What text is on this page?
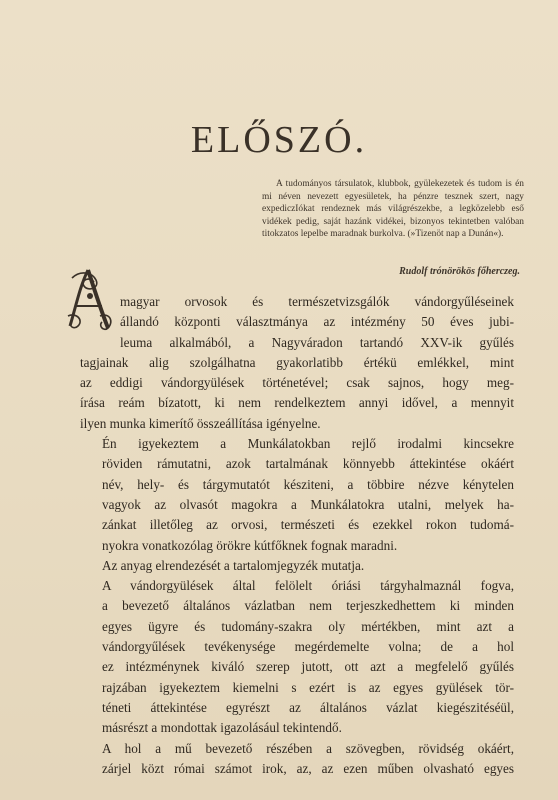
ELŐSZÓ.

A tudományos társulatok, klubbok, gyülekezetek és tudom is én mi néven nevezett egyesületek, ha pénzre tesznek szert, nagy expediczIókat rendeznek más világrészekbe, a legközelebb eső vidékek pedig, saját hazánk vidékei, bizonyos tekintetben valóban titokzatos lepelbe maradnak burkolva. (»Tizenöt nap a Dunán«).

Rudolf trónörökös főherczeg.

magyar orvosok és természetvizsgálók vándorgyűléseinek
állandó központi választmánya az intézmény 50 éves jubi-
leuma alkalmából, a Nagyváradon tartandó XXV-ik gyűlés
tagjainak alig szolgálhatna gyakorlatibb értékü emlékkel, mint
az eddigi vándorgyülések történetével; csak sajnos, hogy meg-
írása reám bízatott, ki nem rendelkeztem annyi idővel, a mennyit
ilyen munka kimerítő összeállítása igényelne.

Én igyekeztem a Munkálatokban rejlő irodalmi kincsekre
röviden rámutatni, azok tartalmának könnyebb áttekintése okáért
név, hely- és tárgymutatót késziteni, a többire nézve kénytelen
vagyok az olvasót magokra a Munkálatokra utalni, melyek ha-
zánkat illetőleg az orvosi, természeti és ezekkel rokon tudomá-
nyokra vonatkozólag örökre kútfőknek fognak maradni.

Az anyag elrendezését a tartalomjegyzék mutatja.

A vándorgyülések által felölelt óriási tárgyhalmaznál fogva,
a bevezető általános vázlatban nem terjeszkedhettem ki minden
egyes ügyre és tudomány-szakra oly mértékben, mint azt a
vándorgyűlések tevékenysége megérdemelte volna; de a hol
ez intézménynek kiváló szerep jutott, ott azt a megfelelő gyűlés
rajzában igyekeztem kiemelni s ezért is az egyes gyülések tör-
téneti áttekintése egyrészt az általános vázlat kiegészitéséül,
másrészt a mondottak igazolásául tekintendő.

A hol a mű bevezető részében a szövegben, rövidség okáért,
zárjel közt római számot irok, az, az ezen műben olvasható egyes
